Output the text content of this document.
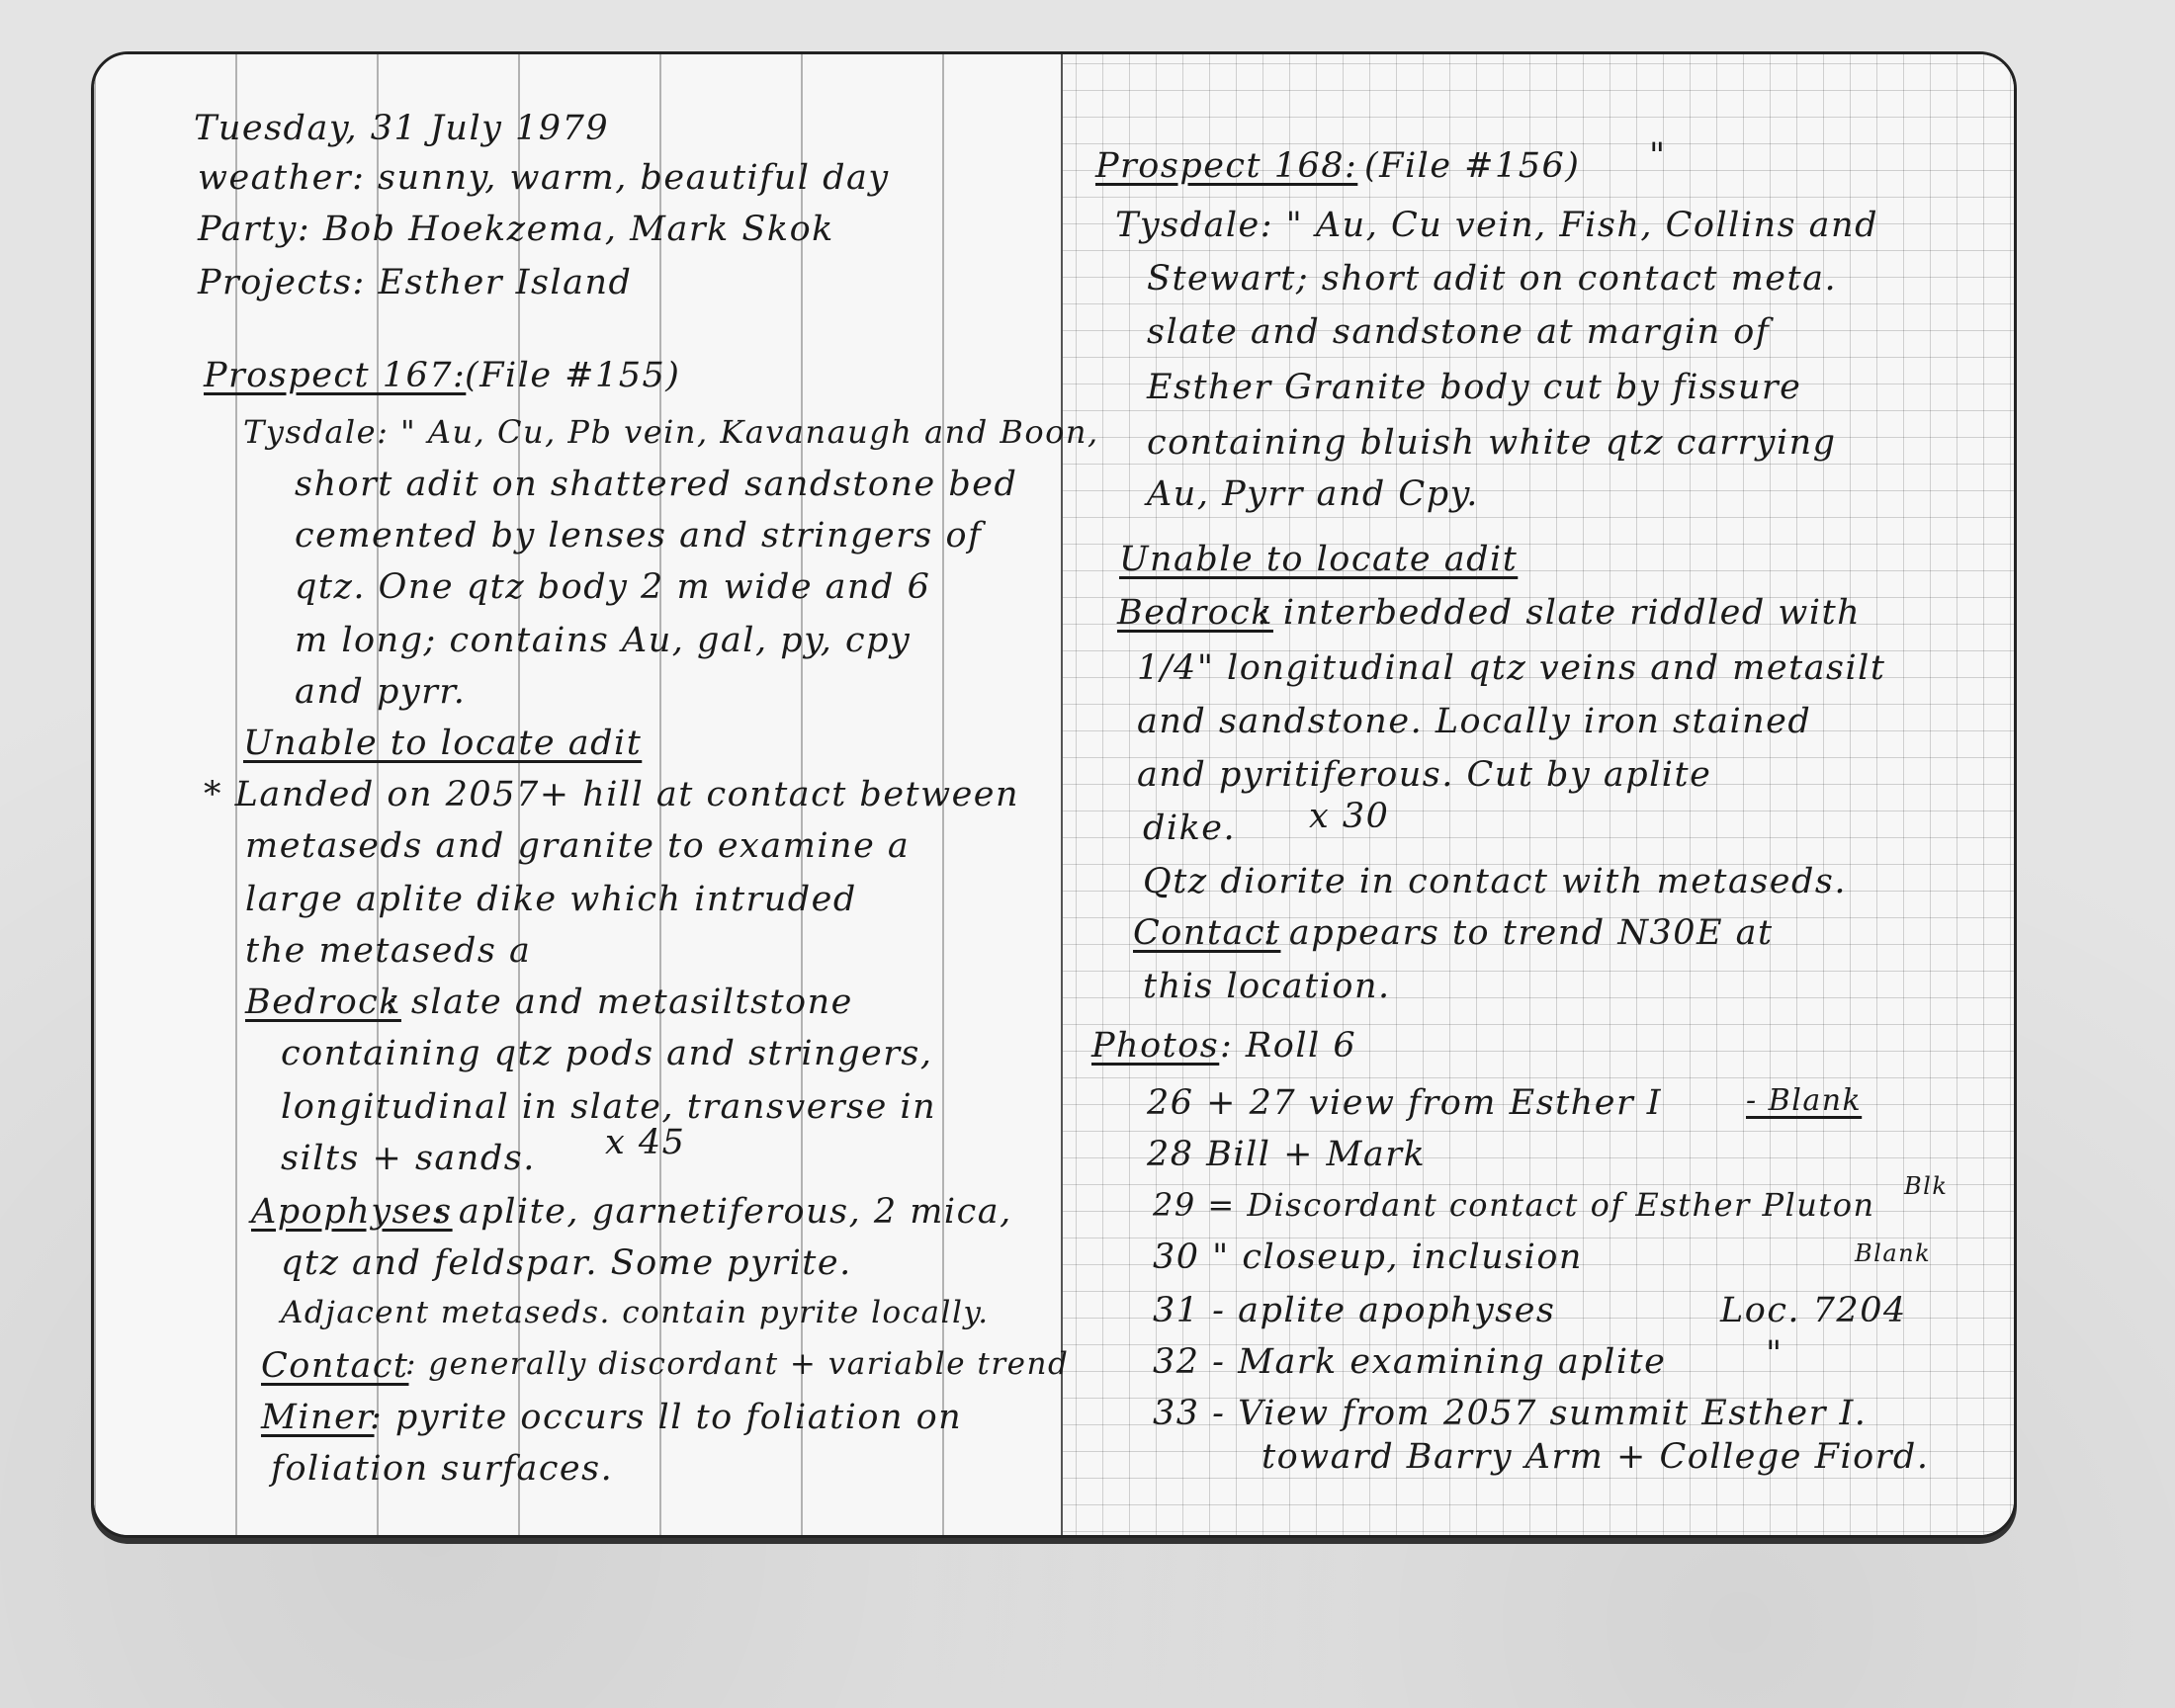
Tuesday, 31 July 1979
weather: sunny, warm, beautiful day
Party: Bob Hoekzema, Mark Skok
Projects: Esther Island
Prospect 167:
(File #155)
Tysdale: " Au, Cu, Pb vein, Kavanaugh and Boon,
short adit on shattered sandstone bed
cemented by lenses and stringers of
qtz. One qtz body 2 m wide and 6
m long; contains Au, gal, py, cpy
and pyrr.
Unable to locate adit
* Landed on 2057+ hill at contact between
metaseds and granite to examine a
large aplite dike which intruded
the metaseds a
Bedrock
: slate and metasiltstone
containing qtz pods and stringers,
longitudinal in slate, transverse in
silts + sands. x 45
Apophyses
: aplite, garnetiferous, 2 mica,
qtz and feldspar. Some pyrite.
Adjacent metaseds. contain pyrite locally.
Contact
: generally discordant + variable trend
Miner
: pyrite occurs ll to foliation on
foliation surfaces.
Prospect 168: (File #156) "
Tysdale: " Au, Cu vein, Fish, Collins and
Stewart; short adit on contact meta.
slate and sandstone at margin of
Esther Granite body cut by fissure
containing bluish white qtz carrying
Au, Pyrr and Cpy.
Unable to locate adit
Bedrock
: interbedded slate riddled with
1/4" longitudinal qtz veins and metasilt
and sandstone. Locally iron stained
and pyritiferous. Cut by aplite
dike. x 30
Qtz diorite in contact with metaseds.
Contact
: appears to trend N30E at
this location.
Photos : Roll 6
26 + 27 view from Esther I	- Blank
28 Bill + Mark
29 = Discordant contact of Esther Pluton Blk
30 " closeup, inclusion	Blank
31 - aplite apophyses	Loc. 7204
32 - Mark examining aplite	"
33 - View from 2057 summit Esther I.
toward Barry Arm + College Fiord.
